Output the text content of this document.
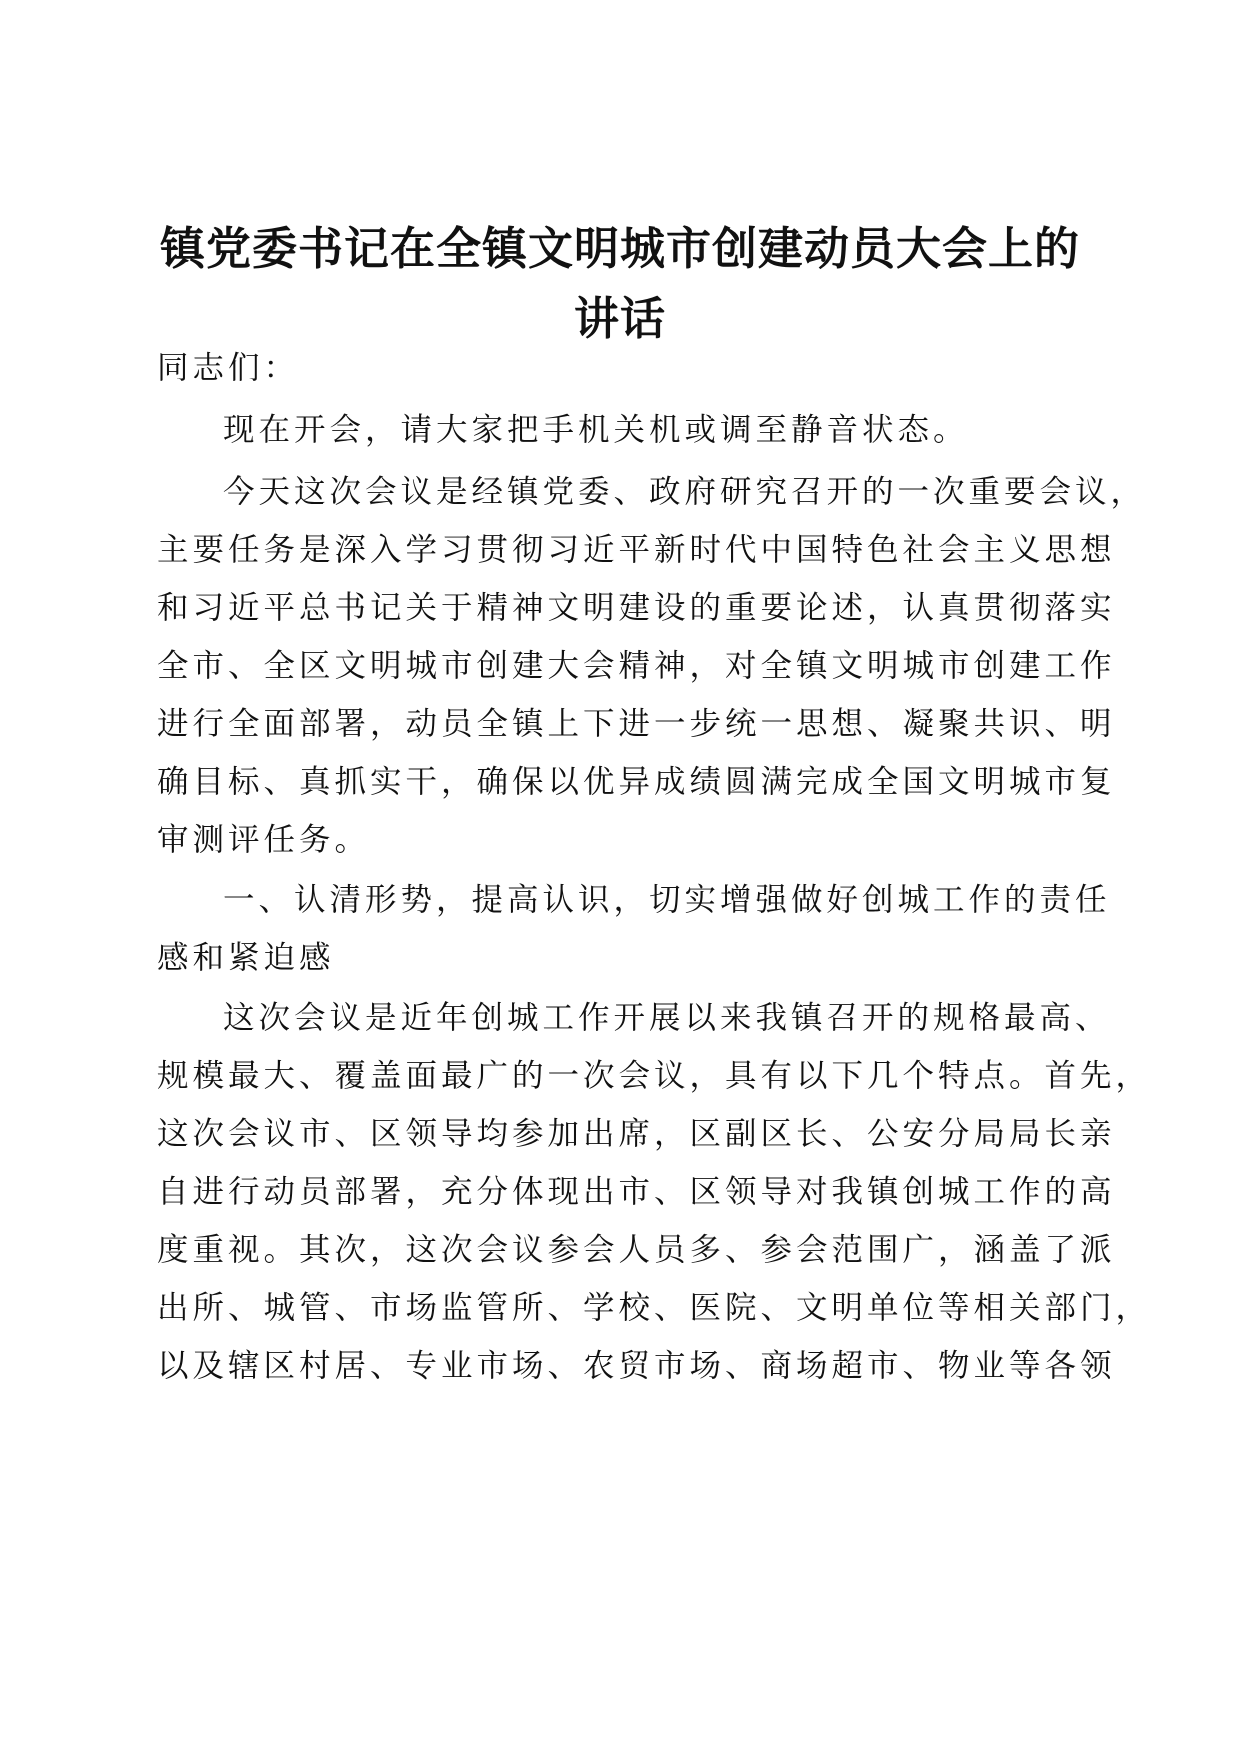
镇党委书记在全镇文明城市创建动员大会上的
讲话

同志们：

现在开会，请大家把手机关机或调至静音状态。

今天这次会议是经镇党委、政府研究召开的一次重要会议，

主要任务是深入学习贯彻习近平新时代中国特色社会主义思想

和习近平总书记关于精神文明建设的重要论述，认真贯彻落实

全市、全区文明城市创建大会精神，对全镇文明城市创建工作

进行全面部署，动员全镇上下进一步统一思想、凝聚共识、明

确目标、真抓实干，确保以优异成绩圆满完成全国文明城市复

审测评任务。

一、认清形势，提高认识，切实增强做好创城工作的责任

感和紧迫感

这次会议是近年创城工作开展以来我镇召开的规格最高、

规模最大、覆盖面最广的一次会议，具有以下几个特点。首先，

这次会议市、区领导均参加出席，区副区长、公安分局局长亲

自进行动员部署，充分体现出市、区领导对我镇创城工作的高

度重视。其次，这次会议参会人员多、参会范围广，涵盖了派

出所、城管、市场监管所、学校、医院、文明单位等相关部门，

以及辖区村居、专业市场、农贸市场、商场超市、物业等各领
